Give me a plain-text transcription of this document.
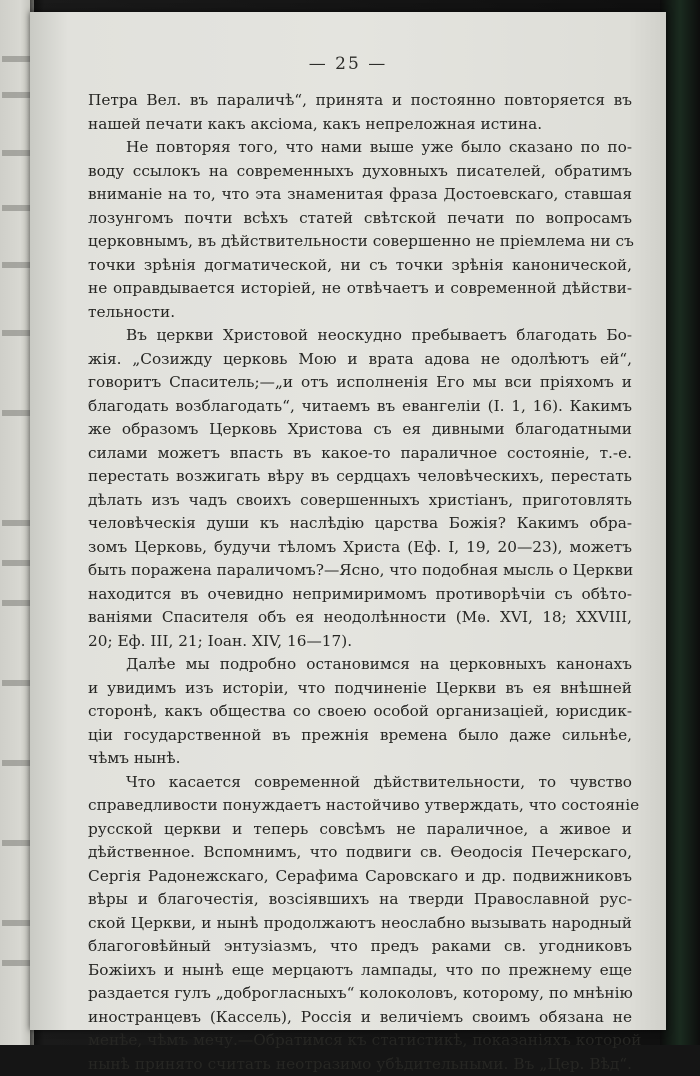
— 25 —

Петра Вел. въ параличѣ“, принята и постоянно повторяется въ
нашей печати какъ аксіома, какъ непреложная истина.

Не повторяя того, что нами выше уже было сказано по по-
воду ссылокъ на современныхъ духовныхъ писателей, обратимъ
вниманіе на то, что эта знаменитая фраза Достоевскаго, ставшая
лозунгомъ почти всѣхъ статей свѣтской печати по вопросамъ
церковнымъ, въ дѣйствительности совершенно не пріемлема ни съ
точки зрѣнія догматической, ни съ точки зрѣнія канонической,
не оправдывается исторіей, не отвѣчаетъ и современной дѣйстви-
тельности.

Въ церкви Христовой неоскудно пребываетъ благодать Бо-
жія. „Созижду церковь Мою и врата адова не одолѣютъ ей“,
говоритъ Спаситель;—„и отъ исполненія Его мы вси пріяхомъ и
благодать возблагодать“, читаемъ въ евангеліи (I. 1, 16). Какимъ
же образомъ Церковь Христова съ ея дивными благодатными
силами можетъ впасть въ какое-то параличное состояніе, т.-е.
перестать возжигать вѣру въ сердцахъ человѣческихъ, перестать
дѣлать изъ чадъ своихъ совершенныхъ христіанъ, приготовлять
человѣческія души къ наслѣдію царства Божія? Какимъ обра-
зомъ Церковь, будучи тѣломъ Христа (Еф. I, 19, 20—23), можетъ
быть поражена параличомъ?—Ясно, что подобная мысль о Церкви
находится въ очевидно непримиримомъ противорѣчіи съ обѣто-
ваніями Спасителя объ ея неодолѣнности (Мѳ. XVI, 18; XXVIII,
20; Еф. III, 21; Іоан. XIV, 16—17).

Далѣе мы подробно остановимся на церковныхъ канонахъ
и увидимъ изъ исторіи, что подчиненіе Церкви въ ея внѣшней
сторонѣ, какъ общества со своею особой организаціей, юрисдик-
ціи государственной въ прежнія времена было даже сильнѣе,
чѣмъ нынѣ.

Что касается современной дѣйствительности, то чувство
справедливости понуждаетъ настойчиво утверждать, что состояніе
русской церкви и теперь совсѣмъ не параличное, а живое и
дѣйственное. Вспомнимъ, что подвиги св. Ѳеодосія Печерскаго,
Сергія Радонежскаго, Серафима Саровскаго и др. подвижниковъ
вѣры и благочестія, возсіявшихъ на тверди Православной рус-
ской Церкви, и нынѣ продолжаютъ неослабно вызывать народный
благоговѣйный энтузіазмъ, что предъ раками св. угодниковъ
Божіихъ и нынѣ еще мерцаютъ лампады, что по прежнему еще
раздается гулъ „доброгласныхъ“ колоколовъ, которому, по мнѣнію
иностранцевъ (Кассель), Россія и величіемъ своимъ обязана не
менѣе, чѣмъ мечу.—Обратимся къ статистикѣ, показаніяхъ которой
нынѣ принято считать неотразимо убѣдительными. Въ „Цер. Вѣд“.
